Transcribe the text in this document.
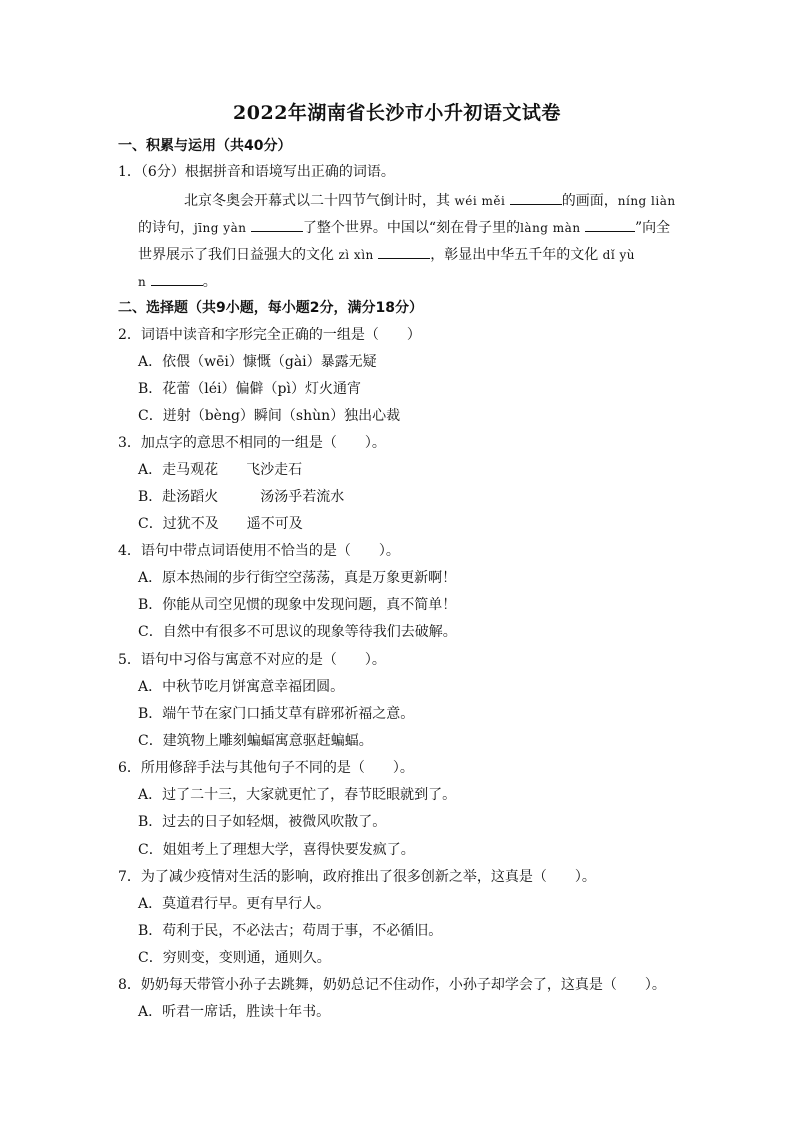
2022年湖南省长沙市小升初语文试卷
一、积累与运用（共40分）
1．（6分）根据拼音和语境写出正确的词语。
北京冬奥会开幕式以二十四节气倒计时，其 wéi měi	的画面，níng liàn
的诗句，jīng yàn	了整个世界。中国以“刻在骨子里的làng màn	”向全
世界展示了我们日益强大的文化 zì xìn	，彰显出中华五千年的文化 dǐ yù
n	。
二、选择题（共9小题，每小题2分，满分18分）
2．词语中读音和字形完全正确的一组是（　　）
A．依偎（wēi）慷慨（gài）暴露无疑
B．花蕾（léi）偏僻（pì）灯火通宵
C．迸射（bèng）瞬间（shùn）独出心裁
3．加点字的意思不相同的一组是（　　）。
A．走马观花　　飞沙走石
B．赴汤蹈火　　　汤汤乎若流水
C．过犹不及　　遥不可及
4．语句中带点词语使用不恰当的是（　　）。
A．原本热闹的步行街空空荡荡，真是万象更新啊！
B．你能从司空见惯的现象中发现问题，真不简单！
C．自然中有很多不可思议的现象等待我们去破解。
5．语句中习俗与寓意不对应的是（　　）。
A．中秋节吃月饼寓意幸福团圆。
B．端午节在家门口插艾草有辟邪祈福之意。
C．建筑物上雕刻蝙蝠寓意驱赶蝙蝠。
6．所用修辞手法与其他句子不同的是（　　）。
A．过了二十三，大家就更忙了，春节眨眼就到了。
B．过去的日子如轻烟，被微风吹散了。
C．姐姐考上了理想大学，喜得快要发疯了。
7．为了减少疫情对生活的影响，政府推出了很多创新之举，这真是（　　）。
A．莫道君行早。更有早行人。
B．苟利于民，不必法古；苟周于事，不必循旧。
C．穷则变，变则通，通则久。
8．奶奶每天带管小孙子去跳舞，奶奶总记不住动作，小孙子却学会了，这真是（　　）。
A．听君一席话，胜读十年书。
